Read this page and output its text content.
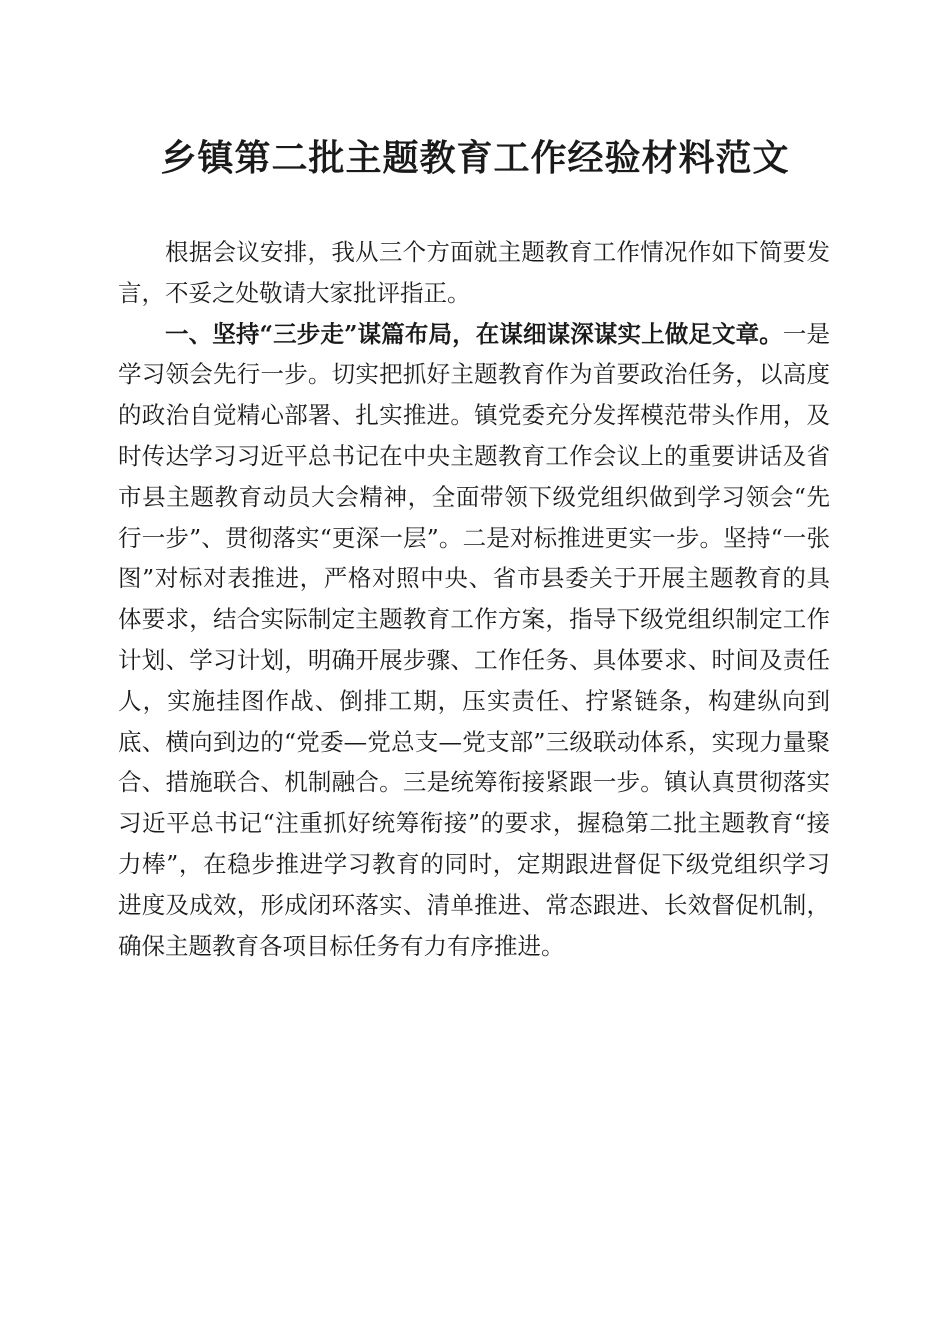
乡镇第二批主题教育工作经验材料范文

根据会议安排，我从三个方面就主题教育工作情况作如下简要发言，不妥之处敬请大家批评指正。

一、坚持“三步走”谋篇布局，在谋细谋深谋实上做足文章。一是学习领会先行一步。切实把抓好主题教育作为首要政治任务，以高度的政治自觉精心部署、扎实推进。镇党委充分发挥模范带头作用，及时传达学习习近平总书记在中央主题教育工作会议上的重要讲话及省市县主题教育动员大会精神，全面带领下级党组织做到学习领会“先行一步”、贯彻落实“更深一层”。二是对标推进更实一步。坚持“一张图”对标对表推进，严格对照中央、省市县委关于开展主题教育的具体要求，结合实际制定主题教育工作方案，指导下级党组织制定工作计划、学习计划，明确开展步骤、工作任务、具体要求、时间及责任人，实施挂图作战、倒排工期，压实责任、拧紧链条，构建纵向到底、横向到边的“党委—党总支—党支部”三级联动体系，实现力量聚合、措施联合、机制融合。三是统筹衔接紧跟一步。镇认真贯彻落实习近平总书记“注重抓好统筹衔接”的要求，握稳第二批主题教育“接力棒”，在稳步推进学习教育的同时，定期跟进督促下级党组织学习进度及成效，形成闭环落实、清单推进、常态跟进、长效督促机制，确保主题教育各项目标任务有力有序推进。
